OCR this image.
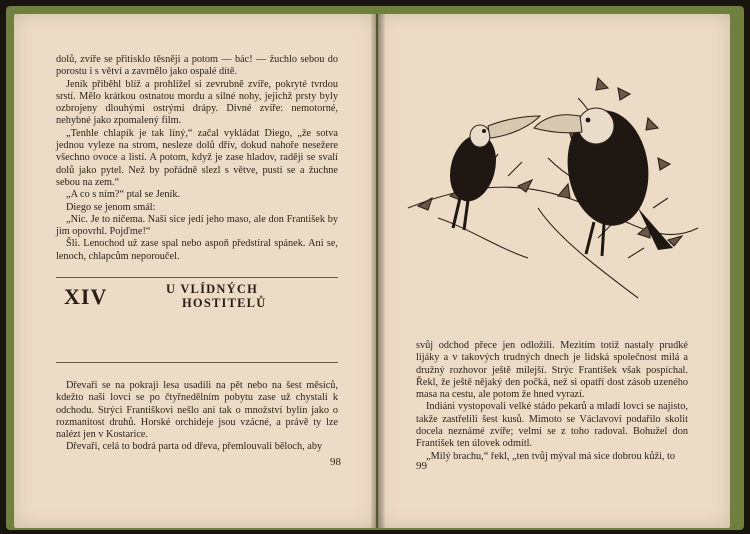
dolů, zvíře se přitisklo těsněji a potom — bác! — žuchlo sebou do porostu i s větví a zavrnělo jako ospalé dítě.

Jeník přiběhl blíž a prohlížel si zevrubně zvíře, pokryté tvrdou srstí. Mělo krátkou ostnatou mordu a silné nohy, jejichž prsty byly ozbrojeny dlouhými ostrými drápy. Divné zvíře: nemotorné, nehybné jako zpomalený film.

„Tenhle chlapík je tak líný,“ začal vykládat Diego, „že sotva jednou vyleze na strom, neslezе dolů dřív, dokud nahoře nesežere všechno ovoce a listí. A potom, když je zase hladov, raději se svalí dolů jako pytel. Než by pořádně slezl s větve, pustí se a žuchne sebou na zem.“

„A co s ním?“ ptal se Jeník.

Diego se jenom smál:

„Nic. Je to ničema. Naši sice jedí jeho maso, ale don František by jim opovrhl. Pojďme!“

Šli. Lenochod už zase spal nebo aspoň předstíral spánek. Ani se, lenoch, chlapcům neporoučel.

XIV	U VLÍDNÝCH
HOSTITELŮ

Dřevaři se na pokraji lesa usadili na pět nebo na šest měsíců, kdežto naši lovci se po čtyřnedělním pobytu zase už chystali k odchodu. Strýci Františkovi nešlo ani tak o množství bylin jako o rozmanitost druhů. Horské orchideje jsou vzácné, a právě ty lze nalézt jen v Kostarice.

Dřevaři, celá to bodrá parta od dřeva, přemlouvali běloch, aby

98

svůj odchod přece jen odložili. Mezitím totiž nastaly prudké lijáky a v takových trudných dnech je lidská společnost milá a družný rozhovor ještě milejší. Strýc František však pospíchal. Řekl, že ještě nějaký den počká, než si opatří dost zásob uzeného masa na cestu, ale potom že hned vyrazí.

Indiáni vystopovali velké stádo pekarů a mladí lovci se najisto, takže zastřelili šest kusů. Mimoto se Václavovi podařilo skolit docela neznámé zvíře; velmi se z toho radoval. Bohužel don František ten úlovek odmítl.

„Milý brachu,“ řekl, „ten tvůj mýval má sice dobrou kůži, to

99
